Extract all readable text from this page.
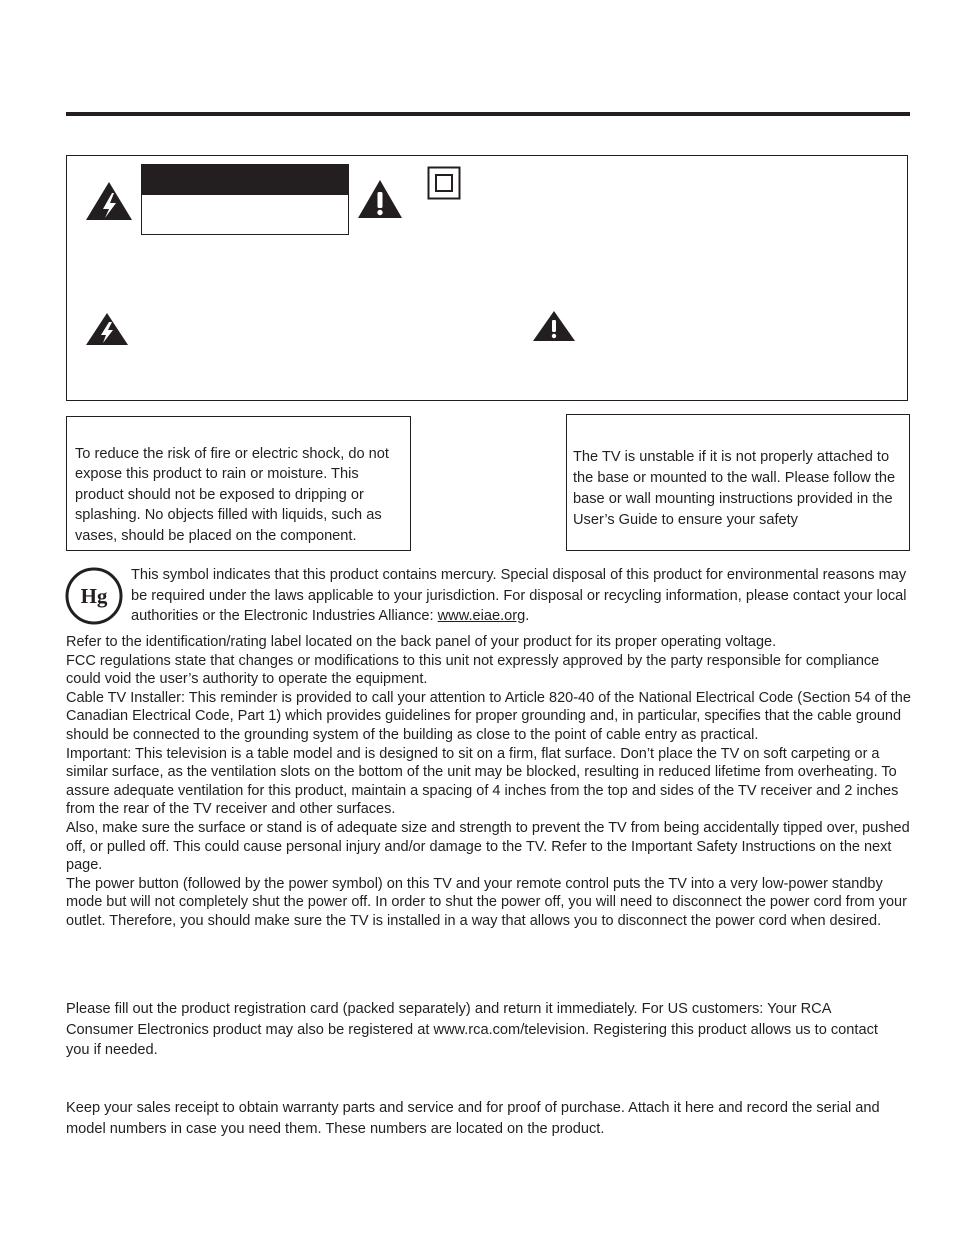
To reduce the risk of fire or electric shock, do not expose this product to rain or moisture. This product should not be exposed to dripping or splashing. No objects filled with liquids, such as vases, should be placed on the component.
The TV is unstable if it is not properly attached to the base or mounted to the wall. Please follow the base or wall mounting instructions provided in the User’s Guide to ensure your safety
Hg
This symbol indicates that this product contains mercury. Special disposal of this product for environmental reasons may be required under the laws applicable to your jurisdiction. For disposal or recycling information, please contact your local authorities or the Electronic Industries Alliance: www.eiae.org.

Refer to the identification/rating label located on the back panel of your product for its proper operating voltage.

FCC regulations state that changes or modifications to this unit not expressly approved by the party responsible for compliance could void the user’s authority to operate the equipment.

Cable TV Installer: This reminder is provided to call your attention to Article 820-40 of the National Electrical Code (Section 54 of the Canadian Electrical Code, Part 1) which provides guidelines for proper grounding and, in particular, specifies that the cable ground should be connected to the grounding system of the building as close to the point of cable entry as practical.

Important: This television is a table model and is designed to sit on a firm, flat surface. Don’t place the TV on soft carpeting or a similar surface, as the ventilation slots on the bottom of the unit may be blocked, resulting in reduced lifetime from overheating. To assure adequate ventilation for this product, maintain a spacing of 4 inches from the top and sides of the TV receiver and 2 inches from the rear of the TV receiver and other surfaces.

Also, make sure the surface or stand is of adequate size and strength to prevent the TV from being accidentally tipped over, pushed off, or pulled off. This could cause personal injury and/or damage to the TV. Refer to the Important Safety Instructions on the next page.

The power button (followed by the power symbol) on this TV and your remote control puts the TV into a very low-power standby mode but will not completely shut the power off. In order to shut the power off, you will need to disconnect the power cord from your outlet. Therefore, you should make sure the TV is installed in a way that allows you to disconnect the power cord when desired.

Please fill out the product registration card (packed separately) and return it immediately. For US customers: Your RCA Consumer Electronics product may also be registered at www.rca.com/television. Registering this product allows us to contact you if needed.
Keep your sales receipt to obtain warranty parts and service and for proof of purchase. Attach it here and record the serial and model numbers in case you need them. These numbers are located on the product.
